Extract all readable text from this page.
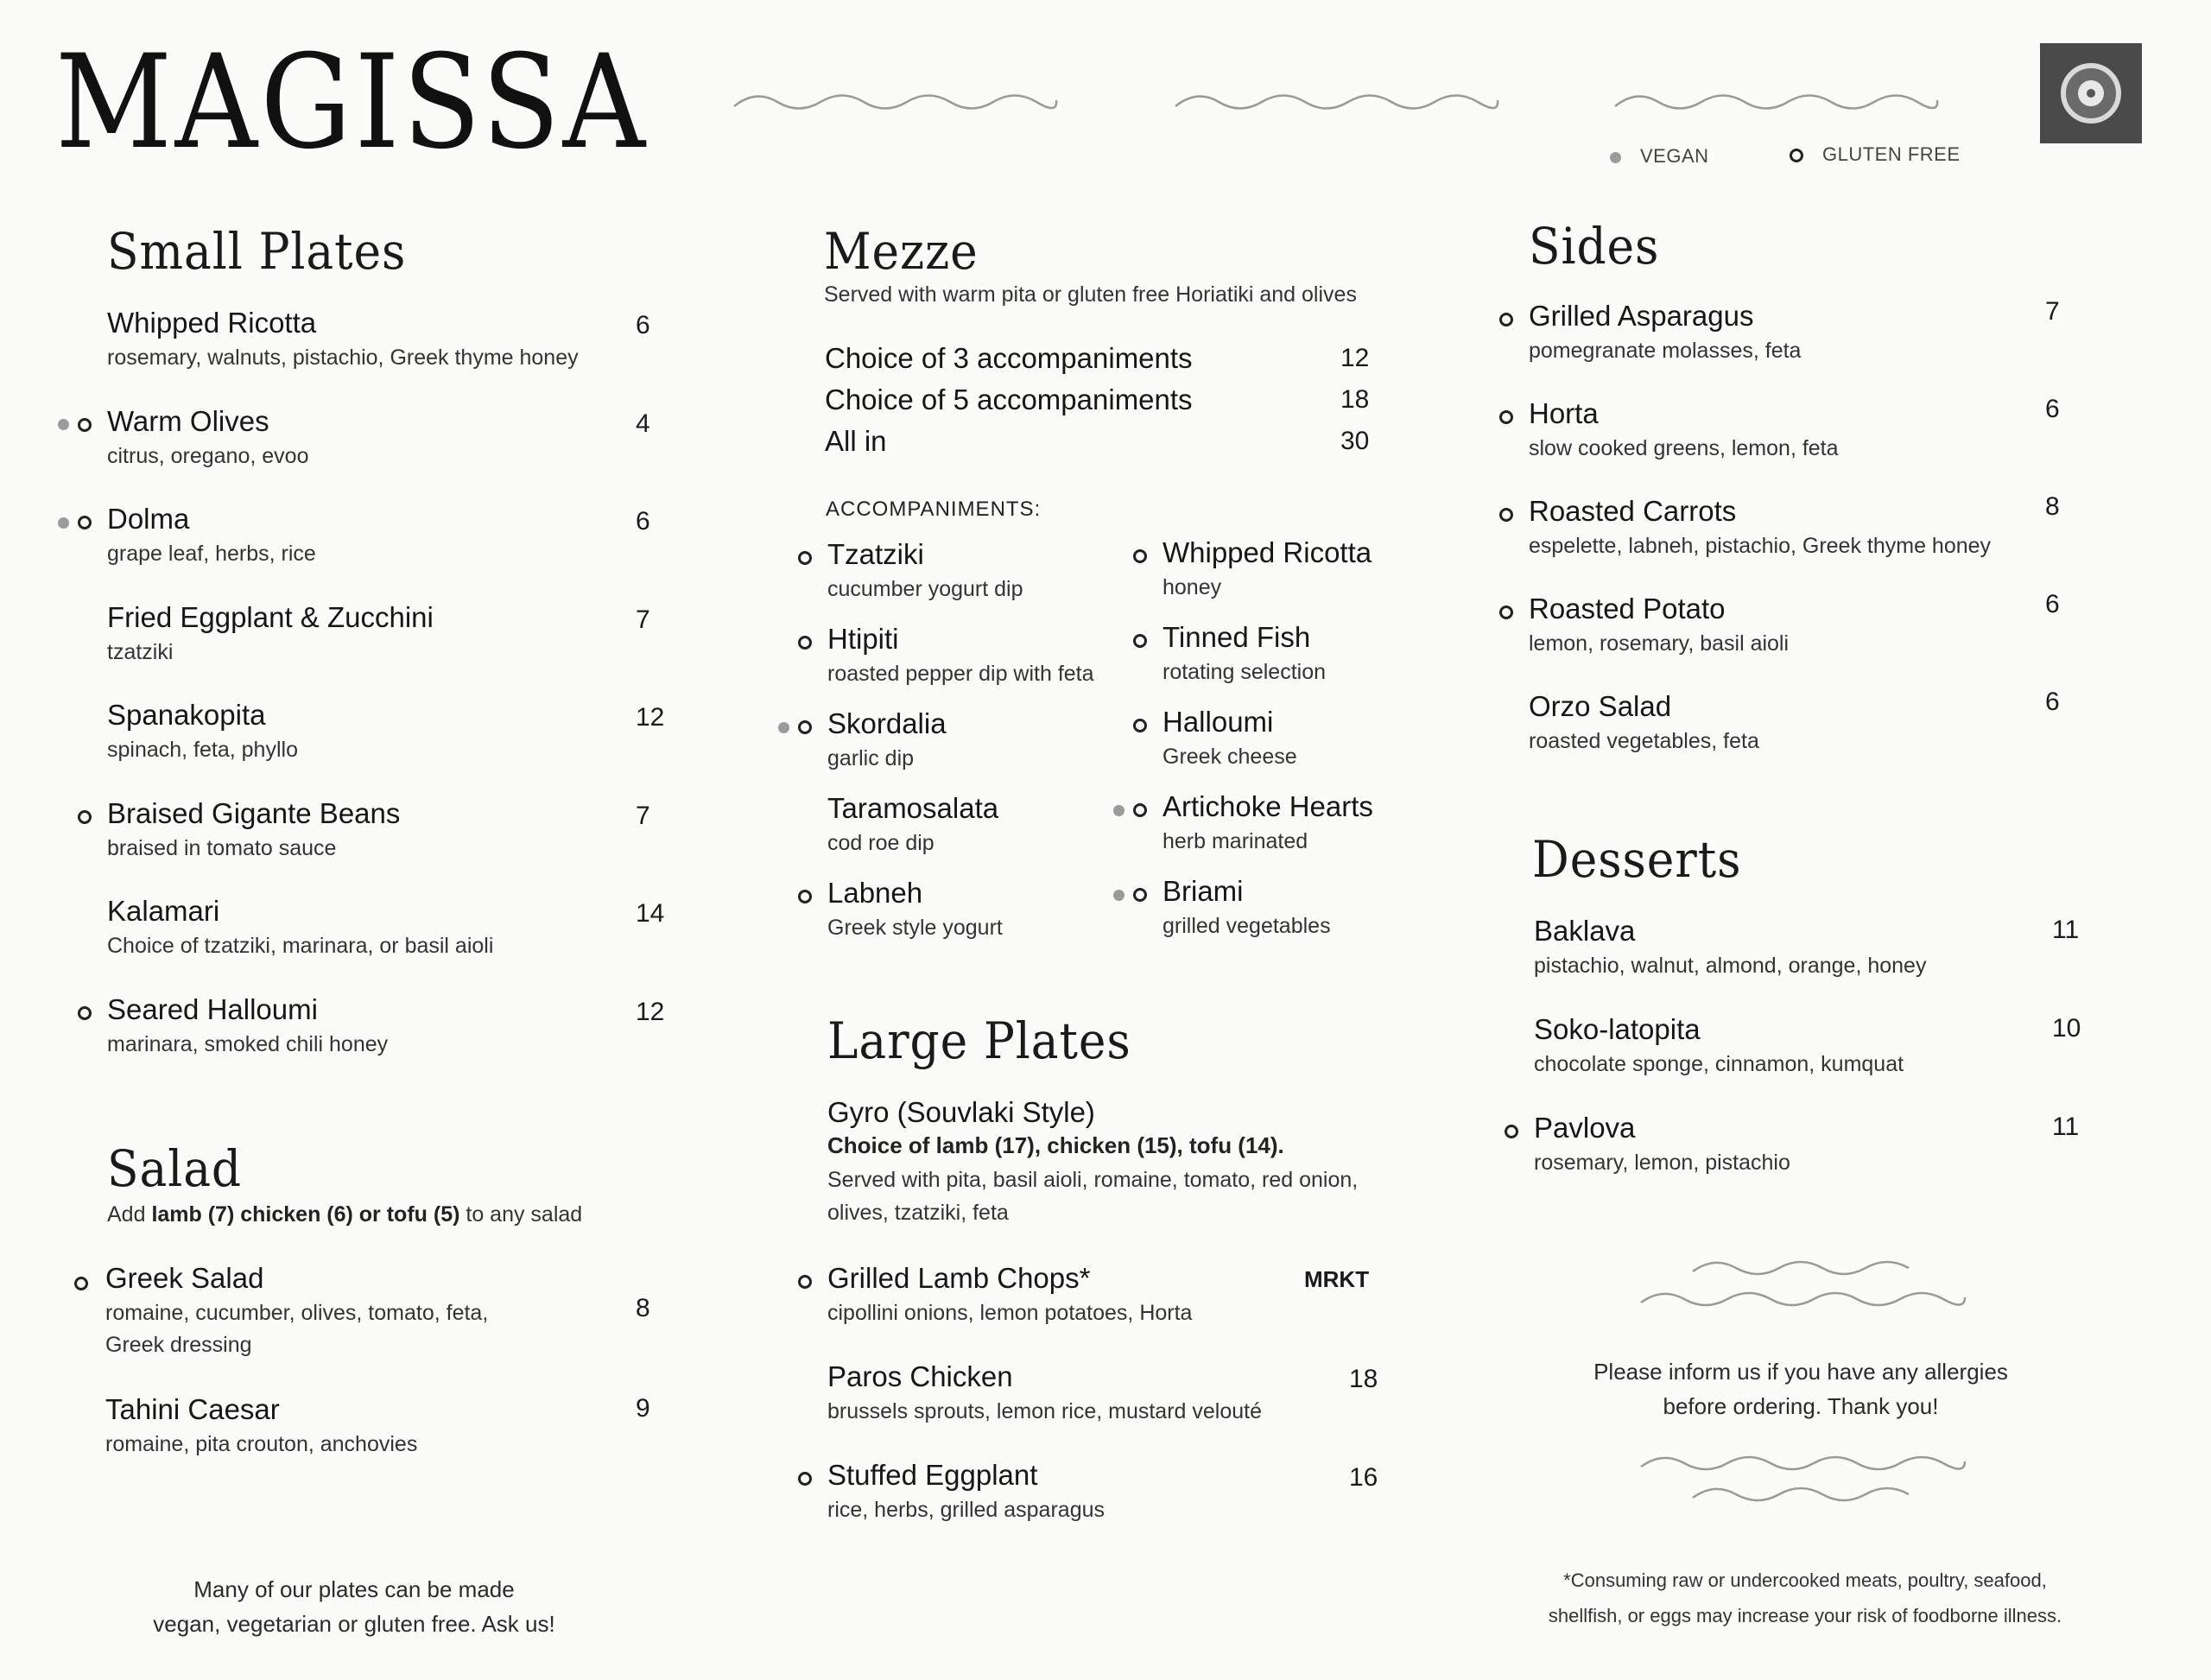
MAGISSA	VEGAN	GLUTEN FREE
Small Plates
Whipped Ricotta
rosemary, walnuts, pistachio, Greek thyme honey
6
Warm Olives
citrus, oregano, evoo
4
Dolma
grape leaf, herbs, rice
6
Fried Eggplant & Zucchini
tzatziki
7
Spanakopita
spinach, feta, phyllo
12
Braised Gigante Beans
braised in tomato sauce
7
Kalamari
Choice of tzatziki, marinara, or basil aioli
14
Seared Halloumi
marinara, smoked chili honey
12
Salad
Add lamb (7) chicken (6) or tofu (5) to any salad
Greek Salad
romaine, cucumber, olives, tomato, feta,
Greek dressing
8
Tahini Caesar
romaine, pita crouton, anchovies
9
Many of our plates can be made
vegan, vegetarian or gluten free. Ask us!
Mezze
Served with warm pita or gluten free Horiatiki and olives
Choice of 3 accompaniments	12
Choice of 5 accompaniments	18
All in	30
ACCOMPANIMENTS:
Tzatziki
cucumber yogurt dip
Htipiti
roasted pepper dip with feta
Skordalia
garlic dip
Taramosalata
cod roe dip
Labneh
Greek style yogurt
Whipped Ricotta
honey
Tinned Fish
rotating selection
Halloumi
Greek cheese
Artichoke Hearts
herb marinated
Briami
grilled vegetables
Large Plates
Gyro (Souvlaki Style)
Choice of lamb (17), chicken (15), tofu (14).
Served with pita, basil aioli, romaine, tomato, red onion,
olives, tzatziki, feta
Grilled Lamb Chops*
cipollini onions, lemon potatoes, Horta
MRKT
Paros Chicken
brussels sprouts, lemon rice, mustard velouté
18
Stuffed Eggplant
rice, herbs, grilled asparagus
16
Sides
Grilled Asparagus
pomegranate molasses, feta
7
Horta
slow cooked greens, lemon, feta
6
Roasted Carrots
espelette, labneh, pistachio, Greek thyme honey
8
Roasted Potato
lemon, rosemary, basil aioli
6
Orzo Salad
roasted vegetables, feta
6
Desserts
Baklava
pistachio, walnut, almond, orange, honey
11
Soko-latopita
chocolate sponge, cinnamon, kumquat
10
Pavlova
rosemary, lemon, pistachio
11
Please inform us if you have any allergies
before ordering. Thank you!
*Consuming raw or undercooked meats, poultry, seafood,
shellfish, or eggs may increase your risk of foodborne illness.
